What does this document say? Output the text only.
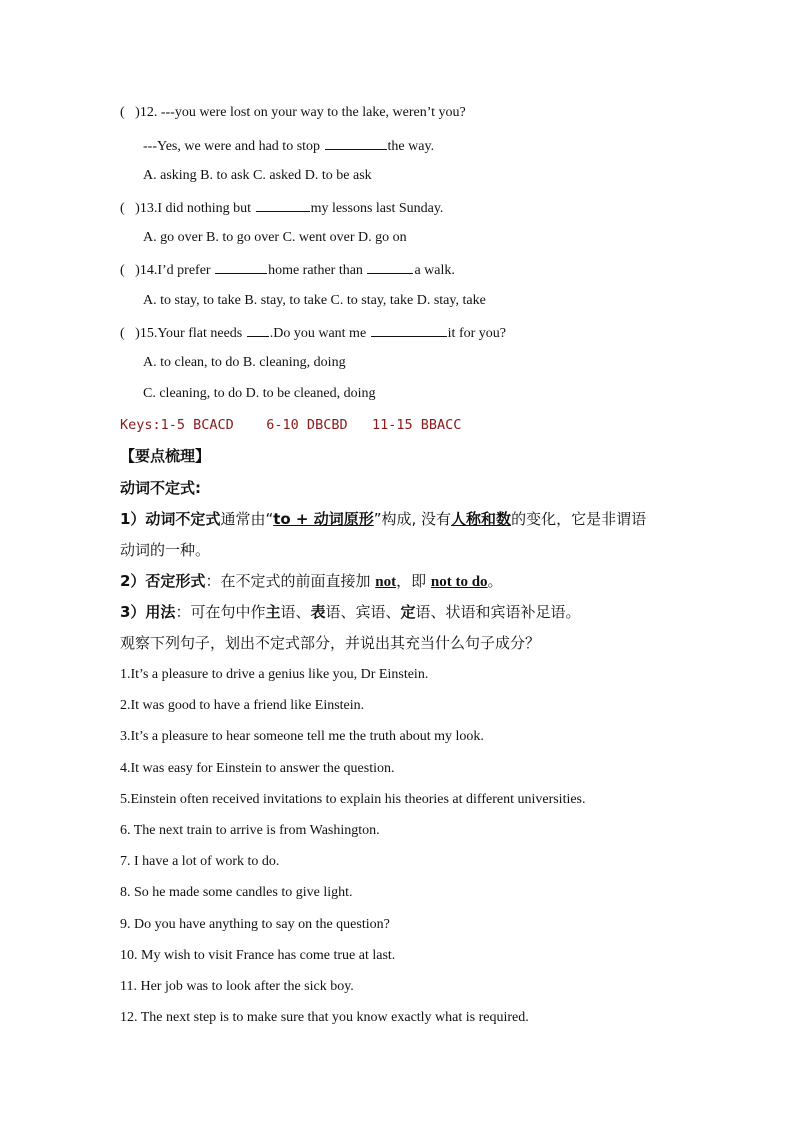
(   )12. ---you were lost on your way to the lake, weren’t you?
---Yes, we were and had to stop	the way.
A. asking B. to ask C. asked D. to be ask
(   )13.I did nothing but	my lessons last Sunday.
A. go over B. to go over C. went over D. go on
(   )14.I’d prefer	home rather than	a walk.
A. to stay, to take B. stay, to take C. to stay, take D. stay, take
(   )15.Your flat needs .Do you want me	it for you?
A. to clean, to do B. cleaning, doing
C. cleaning, to do D. to be cleaned, doing
Keys:1-5 BCACD    6-10 DBCBD   11-15 BBACC
【要点梳理】
动词不定式:
1）动词不定式通常由“to + 动词原形”构成, 没有人称和数的变化，它是非谓语
动词的一种。
2）否定形式：在不定式的前面直接加 not，即 not to do。
3）用法：可在句中作主语、表语、宾语、定语、状语和宾语补足语。
观察下列句子，划出不定式部分，并说出其充当什么句子成分？
1.It’s a pleasure to drive a genius like you, Dr Einstein.
2.It was good to have a friend like Einstein.
3.It’s a pleasure to hear someone tell me the truth about my look.
4.It was easy for Einstein to answer the question.
5.Einstein often received invitations to explain his theories at different universities.
6. The next train to arrive is from Washington.
7. I have a lot of work to do.
8. So he made some candles to give light.
9. Do you have anything to say on the question?
10. My wish to visit France has come true at last.
11. Her job was to look after the sick boy.
12. The next step is to make sure that you know exactly what is required.
